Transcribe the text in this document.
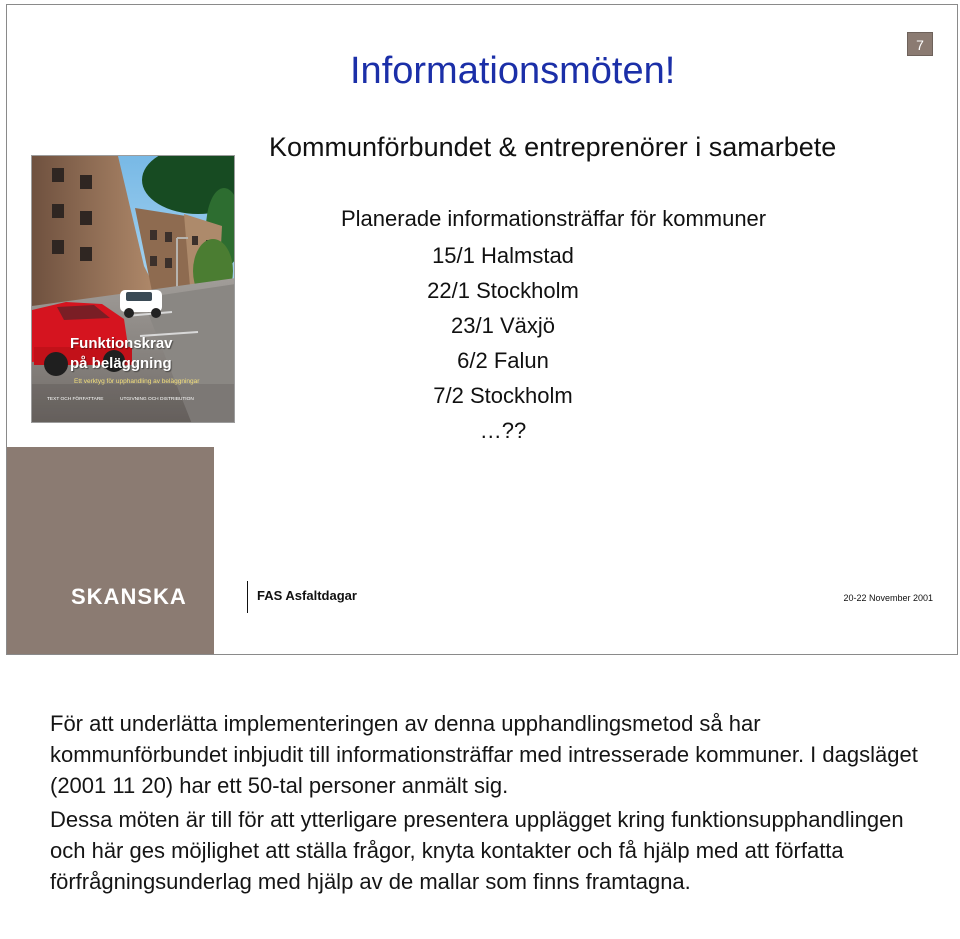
7
Informationsmöten!
Kommunförbundet & entreprenörer i samarbete
Planerade informationsträffar för kommuner
15/1 Halmstad
22/1 Stockholm
23/1 Växjö
6/2 Falun
7/2 Stockholm
…??
Ett verktyg för upphandling av beläggningar
TEXT OCH FÖRFATTARE	UTGIVNING OCH DISTRIBUTION
Funktionskrav
på beläggning
SKANSKA	FAS Asfaltdagar	20-22 November 2001

För att underlätta implementeringen av denna upphandlingsmetod så har kommunförbundet inbjudit till informationsträffar med intresserade kommuner. I dagsläget (2001 11 20) har ett 50-tal personer anmält sig.

Dessa möten är till för att ytterligare presentera upplägget kring funktionsupphandlingen och här ges möjlighet att ställa frågor, knyta kontakter och få hjälp med att författa förfrågningsunderlag med hjälp av de mallar som finns framtagna.
